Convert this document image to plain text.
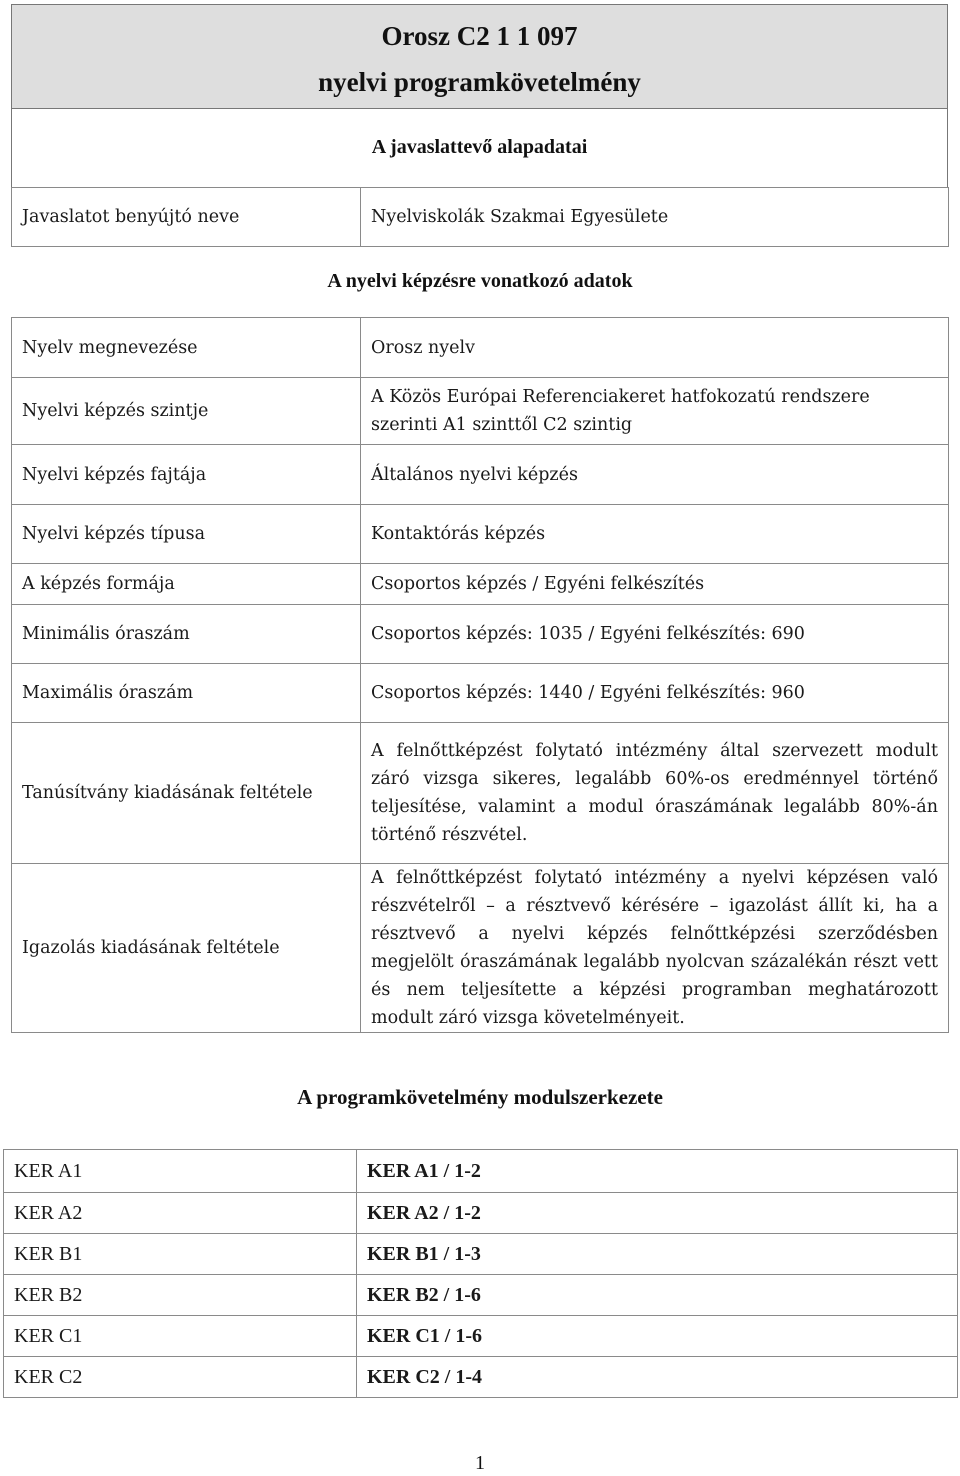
Orosz C2 1 1 097
nyelvi programkövetelmény
A javaslattevő alapadatai
Javaslatot benyújtó neve	Nyelviskolák Szakmai Egyesülete
A nyelvi képzésre vonatkozó adatok
Nyelv megnevezése	Orosz nyelv
Nyelvi képzés szintje	A Közös Európai Referenciakeret hatfokozatú rendszere szerinti A1 szinttől C2 szintig
Nyelvi képzés fajtája	Általános nyelvi képzés
Nyelvi képzés típusa	Kontaktórás képzés
A képzés formája	Csoportos képzés / Egyéni felkészítés
Minimális óraszám	Csoportos képzés: 1035 / Egyéni felkészítés: 690
Maximális óraszám	Csoportos képzés: 1440 / Egyéni felkészítés: 960
Tanúsítvány kiadásának feltétele	A felnőttképzést folytató intézmény által szervezett modult záró vizsga sikeres, legalább 60%-os eredménnyel történő teljesítése, valamint a modul óraszámának legalább 80%-án történő részvétel.
Igazolás kiadásának feltétele	A felnőttképzést folytató intézmény a nyelvi képzésen való részvételről – a résztvevő kérésére – igazolást állít ki, ha a résztvevő a nyelvi képzés felnőttképzési szerződésben megjelölt óraszámának legalább nyolcvan százalékán részt vett és nem teljesítette a képzési programban meghatározott modult záró vizsga követelményeit.
A programkövetelmény modulszerkezete
KER A1	KER A1 / 1-2
KER A2	KER A2 / 1-2
KER B1	KER B1 / 1-3
KER B2	KER B2 / 1-6
KER C1	KER C1 / 1-6
KER C2	KER C2 / 1-4
1
